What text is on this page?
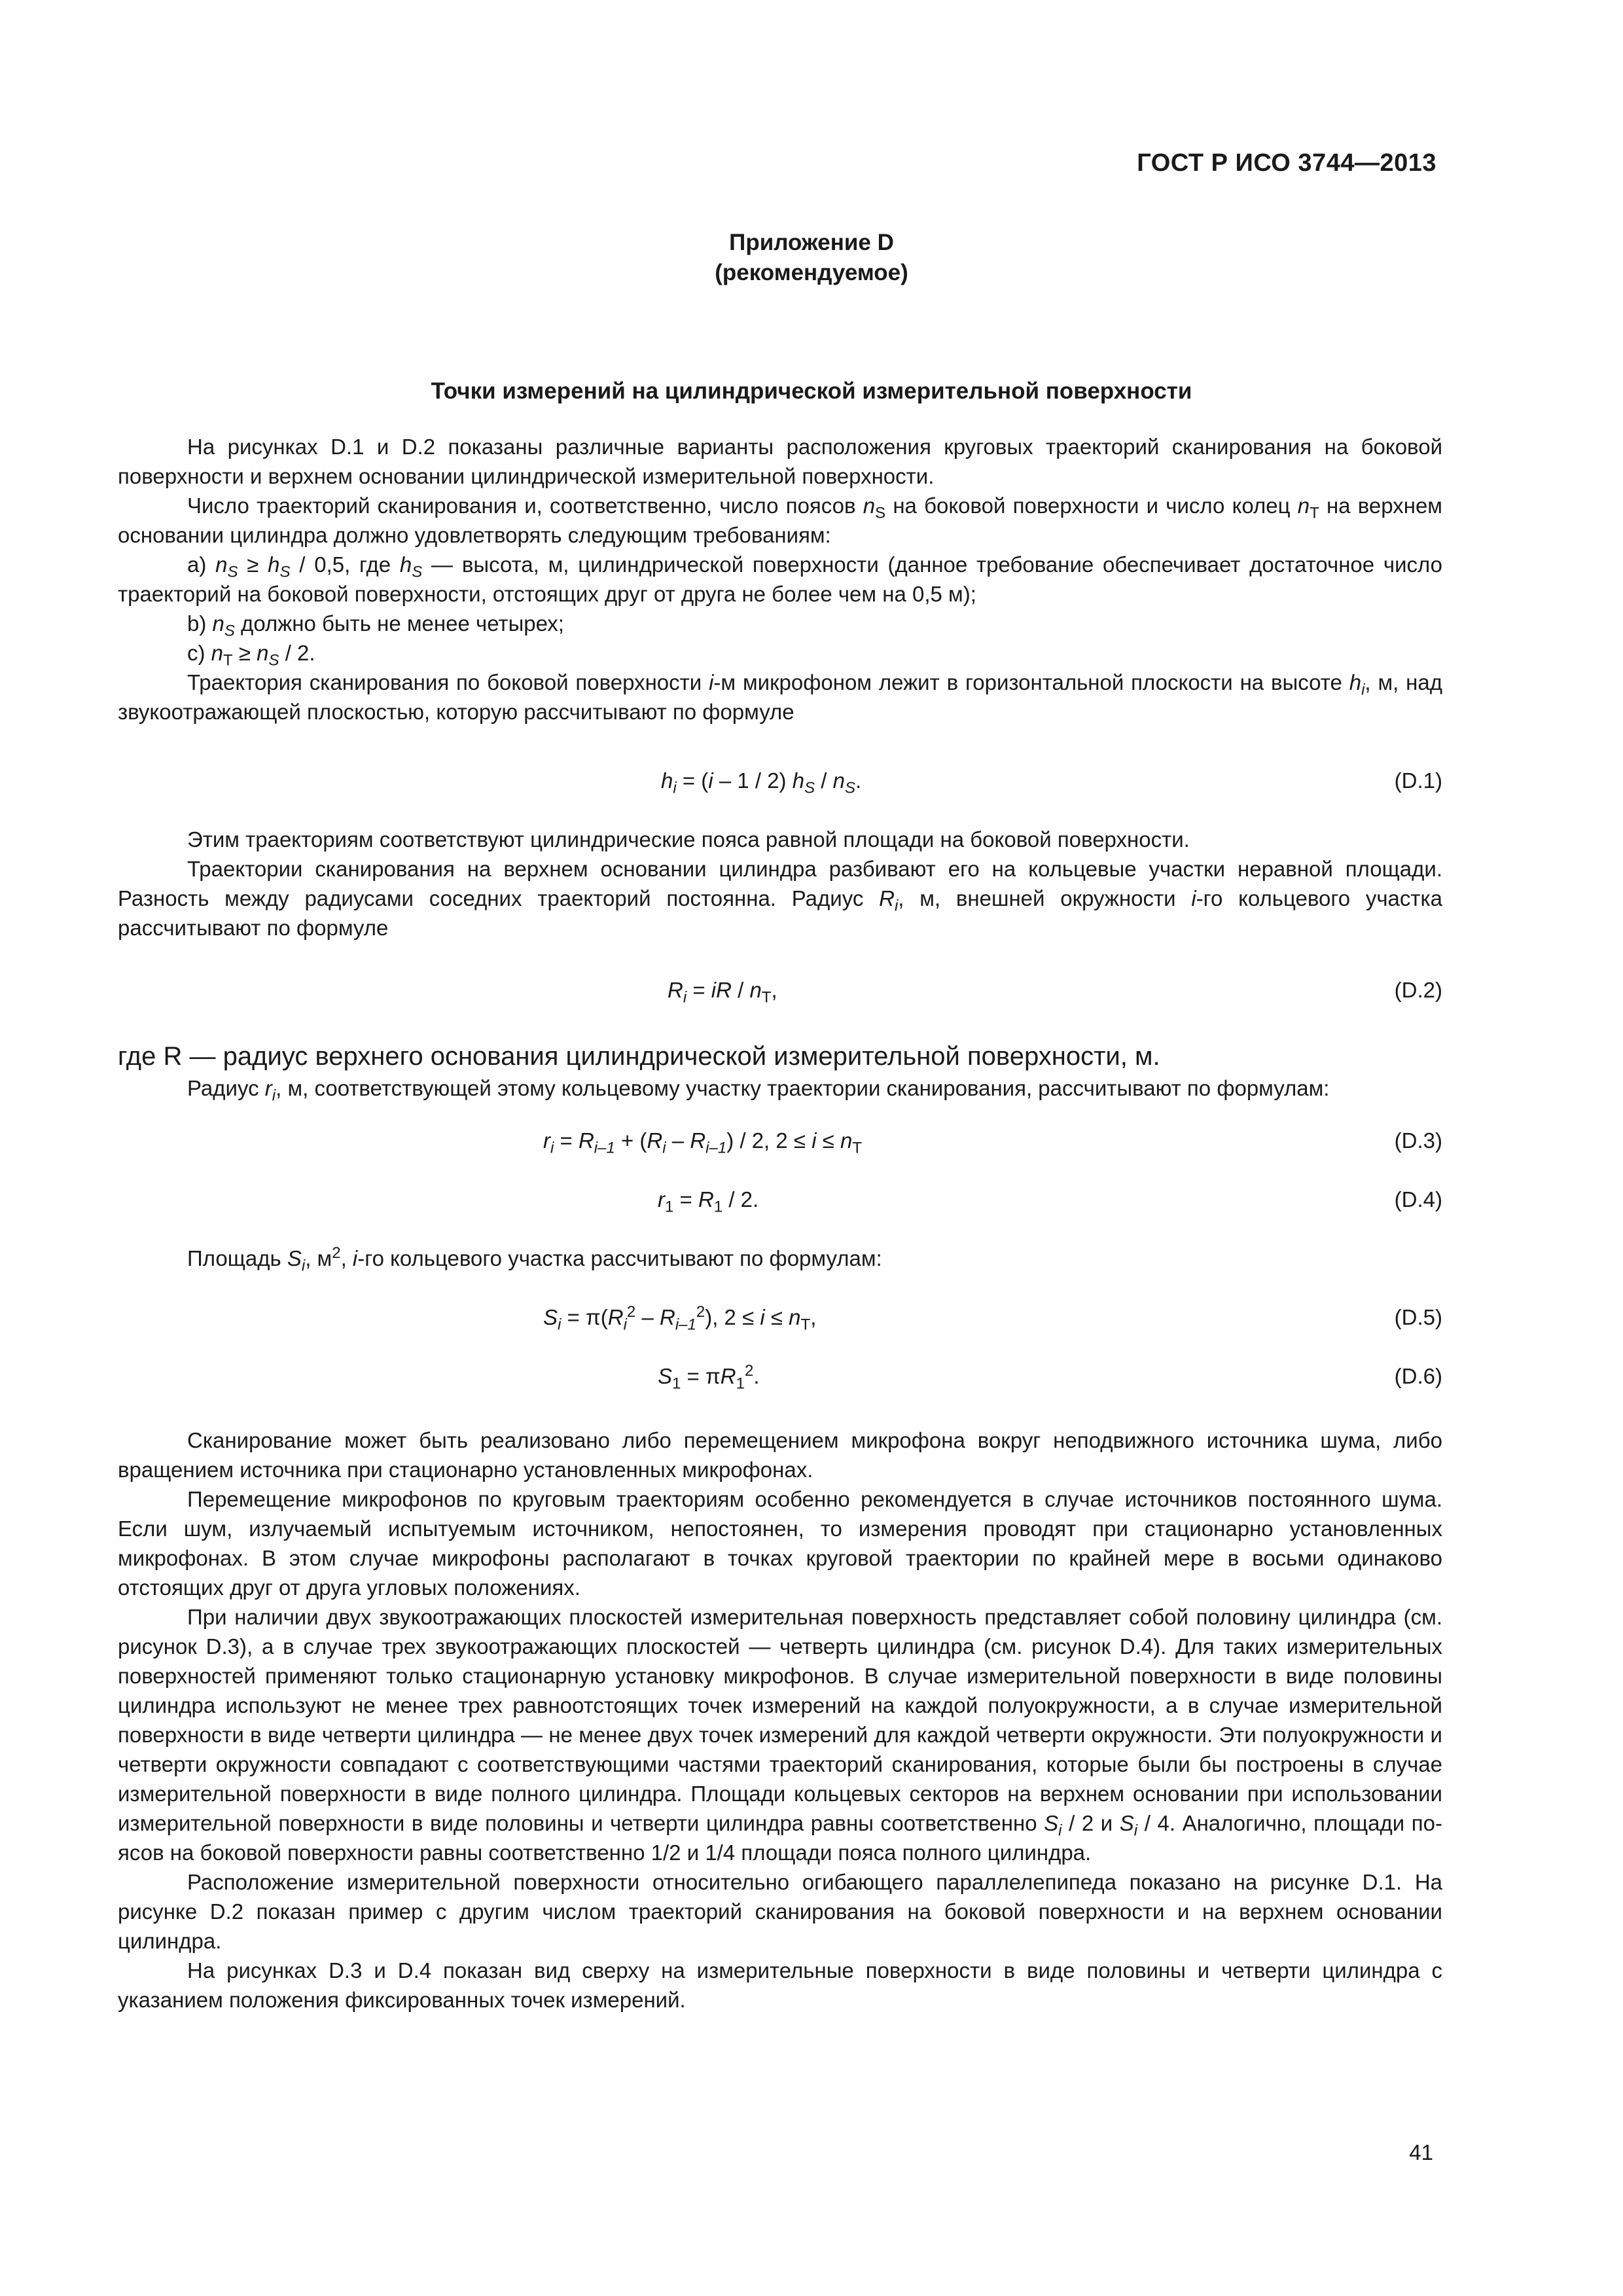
ГОСТ Р ИСО 3744—2013
Приложение D
(рекомендуемое)
Точки измерений на цилиндрической измерительной поверхности

На рисунках D.1 и D.2 показаны различные варианты расположения круговых траекторий сканирования на боковой поверхности и верхнем основании цилиндрической измерительной поверхности.

Число траекторий сканирования и, соответственно, число поясов $n_S$ на боковой поверхности и число колец $n_T$ на верхнем основании цилиндра должно удовлетворять следующим требованиям:

а) $n_S \ge h_S / 0,5$, где $h_S$ — высота, м, цилиндрической поверхности (данное требование обеспечивает достаточное число траекторий на боковой поверхности, отстоящих друг от друга не более чем на 0,5 м);

b) $n_S$ должно быть не менее четырех;

c) $n_T \ge n_S / 2$.

Траектория сканирования по боковой поверхности i-м микрофоном лежит в горизонтальной плоскости на высоте $h_i$, м, над звукоотражающей плоскостью, которую рассчитывают по формуле

$h_i = (i - 1 / 2)$ $h_S / n_S$.	(D.1)

Этим траекториям соответствуют цилиндрические пояса равной площади на боковой поверхности.

Траектории сканирования на верхнем основании цилиндра разбивают его на кольцевые участки неравной площади. Разность между радиусами соседних траекторий постоянна. Радиус $R_i$, м, внешней окружности i-го кольцевого участка рассчитывают по формуле

$R_i$ = iR / $n_T$,	(D.2)

где R — радиус верхнего основания цилиндрической измерительной поверхности, м.

Радиус $r_i$, м, соответствующей этому кольцевому участку траектории сканирования, рассчитывают по формулам:

$r_i = R_{i-1} + (R_i - R_{i-1}) / 2$, $2 \le i \le n_T$	(D.3)
$r_1 = R_1 / 2$.	(D.4)

Площадь $S_i$, $м^2$, i-го кольцевого участка рассчитывают по формулам:

$S_i = \pi(R_i^2 - R_{i-1}^2)$, $2 \le i \le n_T$,	(D.5)
$S_1 = \pi R_1^2$.	(D.6)

Сканирование может быть реализовано либо перемещением микрофона вокруг неподвижного источника шума, либо вращением источника при стационарно установленных микрофонах.

Перемещение микрофонов по круговым траекториям особенно рекомендуется в случае источников постоянного шума. Если шум, излучаемый испытуемым источником, непостоянен, то измерения проводят при стационарно установленных микрофонах. В этом случае микрофоны располагают в точках круговой траектории по крайней мере в восьми одинаково отстоящих друг от друга угловых положениях.

При наличии двух звукоотражающих плоскостей измерительная поверхность представляет собой половину цилиндра (см. рисунок D.3), а в случае трех звукоотражающих плоскостей — четверть цилиндра (см. рисунок D.4). Для таких измерительных поверхностей применяют только стационарную установку микрофонов. В случае измерительной поверхности в виде половины цилиндра используют не менее трех равноотстоящих точек измерений на каждой полуокружности, а в случае измерительной поверхности в виде четверти цилиндра — не менее двух точек измерений для каждой четверти окружности. Эти полуокружности и четверти окружности совпадают с соответствующими частями траекторий сканирования, которые были бы построены в случае измерительной поверхности в виде полного цилиндра. Площади кольцевых секторов на верхнем основании при использовании измерительной поверхности в виде половины и четверти цилиндра равны соответственно $S_i / 2$ и $S_i / 4$. Аналогично, площади поясов на боковой поверхности равны соответственно 1/2 и 1/4 площади пояса полного цилиндра.

Расположение измерительной поверхности относительно огибающего параллелепипеда показано на рисунке D.1. На рисунке D.2 показан пример с другим числом траекторий сканирования на боковой поверхности и на верхнем основании цилиндра.

На рисунках D.3 и D.4 показан вид сверху на измерительные поверхности в виде половины и четверти цилиндра с указанием положения фиксированных точек измерений.

41
